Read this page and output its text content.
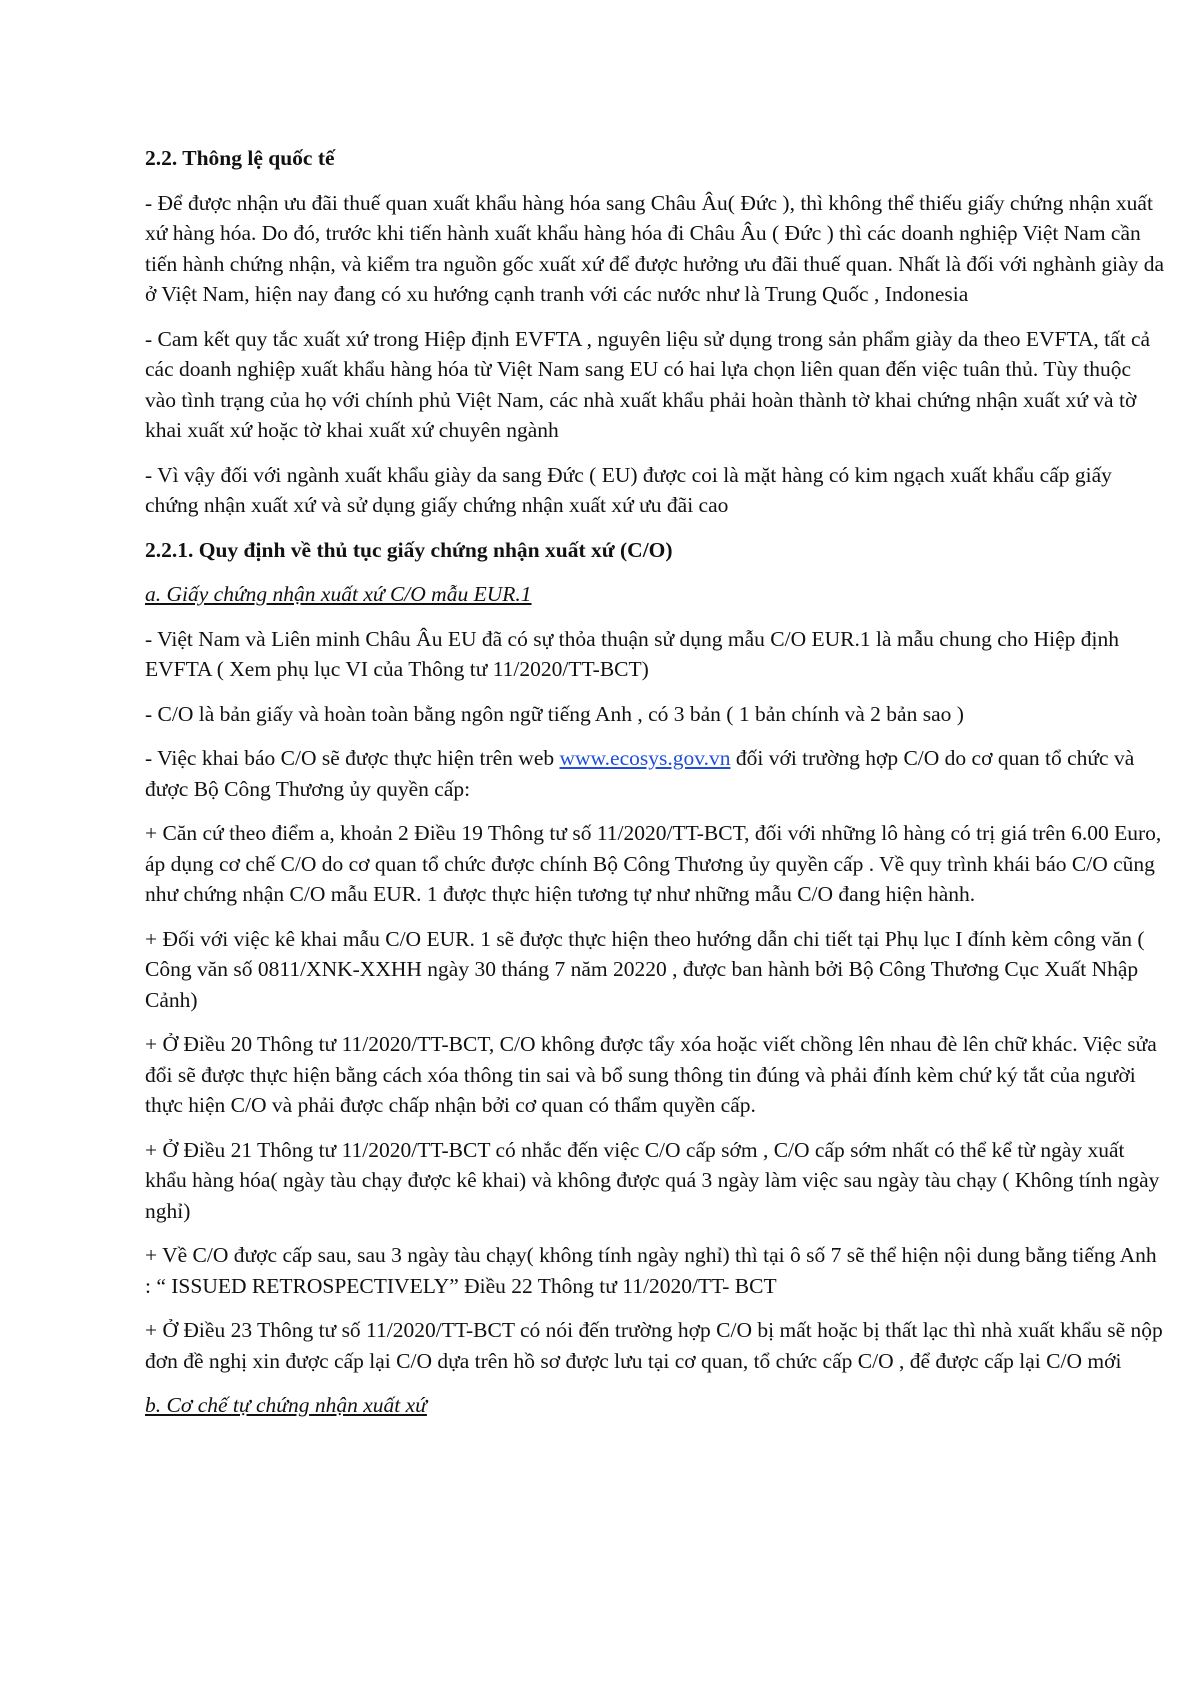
2.2. Thông lệ quốc tế

- Để được nhận ưu đãi thuế quan xuất khẩu hàng hóa sang Châu Âu( Đức ), thì không thể thiếu giấy chứng nhận xuất xứ hàng hóa. Do đó, trước khi tiến hành xuất khẩu hàng hóa đi Châu Âu ( Đức ) thì các doanh nghiệp Việt Nam cần tiến hành chứng nhận, và kiểm tra nguồn gốc xuất xứ để được hưởng ưu đãi thuế quan. Nhất là đối với nghành giày da ở Việt Nam, hiện nay đang có xu hướng cạnh tranh với các nước như là Trung Quốc , Indonesia

- Cam kết quy tắc xuất xứ trong Hiệp định EVFTA , nguyên liệu sử dụng trong sản phẩm giày da theo EVFTA, tất cả các doanh nghiệp xuất khẩu hàng hóa từ Việt Nam sang EU có hai lựa chọn liên quan đến việc tuân thủ. Tùy thuộc vào tình trạng của họ với chính phủ Việt Nam, các nhà xuất khẩu phải hoàn thành tờ khai chứng nhận xuất xứ và tờ khai xuất xứ hoặc tờ khai xuất xứ chuyên ngành

- Vì vậy đối với ngành xuất khẩu giày da sang Đức ( EU) được coi là mặt hàng có kim ngạch xuất khẩu cấp giấy chứng nhận xuất xứ và sử dụng giấy chứng nhận xuất xứ ưu đãi cao

2.2.1. Quy định về thủ tục giấy chứng nhận xuất xứ (C/O)

a. Giấy chứng nhận xuất xứ C/O mẫu EUR.1

- Việt Nam và Liên minh Châu Âu EU đã có sự thỏa thuận sử dụng mẫu C/O EUR.1 là mẫu chung cho Hiệp định EVFTA ( Xem phụ lục VI của Thông tư 11/2020/TT-BCT)

- C/O là bản giấy và hoàn toàn bằng ngôn ngữ tiếng Anh , có 3 bản ( 1 bản chính và 2 bản sao )

- Việc khai báo C/O sẽ được thực hiện trên web www.ecosys.gov.vn đối với trường hợp C/O do cơ quan tổ chức và được Bộ Công Thương ủy quyền cấp:

+ Căn cứ theo điểm a, khoản 2 Điều 19 Thông tư số 11/2020/TT-BCT, đối với những lô hàng có trị giá trên 6.00 Euro, áp dụng cơ chế C/O do cơ quan tổ chức được chính Bộ Công Thương ủy quyền cấp . Về quy trình khái báo C/O cũng như chứng nhận C/O mẫu EUR. 1 được thực hiện tương tự như những mẫu C/O đang hiện hành.

+ Đối với việc kê khai mẫu C/O EUR. 1 sẽ được thực hiện theo hướng dẫn chi tiết tại Phụ lục I đính kèm công văn ( Công văn số 0811/XNK-XXHH ngày 30 tháng 7 năm 20220 , được ban hành bởi Bộ Công Thương Cục Xuất Nhập Cảnh)

+ Ở Điều 20 Thông tư 11/2020/TT-BCT, C/O không được tẩy xóa hoặc viết chồng lên nhau đè lên chữ khác. Việc sửa đổi sẽ được thực hiện bằng cách xóa thông tin sai và bổ sung thông tin đúng và phải đính kèm chứ ký tắt của người thực hiện C/O và phải được chấp nhận bởi cơ quan có thẩm quyền cấp.

+ Ở Điều 21 Thông tư 11/2020/TT-BCT có nhắc đến việc C/O cấp sớm , C/O cấp sớm nhất có thể kể từ ngày xuất khẩu hàng hóa( ngày tàu chạy được kê khai) và không được quá 3 ngày làm việc sau ngày tàu chạy ( Không tính ngày nghỉ)

+ Về C/O được cấp sau, sau 3 ngày tàu chạy( không tính ngày nghỉ) thì tại ô số 7 sẽ thể hiện nội dung bằng tiếng Anh : “ ISSUED RETROSPECTIVELY” Điều 22 Thông tư 11/2020/TT- BCT

+ Ở Điều 23 Thông tư số 11/2020/TT-BCT có nói đến trường hợp C/O bị mất hoặc bị thất lạc thì nhà xuất khẩu sẽ nộp đơn đề nghị xin được cấp lại C/O dựa trên hồ sơ được lưu tại cơ quan, tổ chức cấp C/O , để được cấp lại C/O mới

b. Cơ chế tự chứng nhận xuất xứ
